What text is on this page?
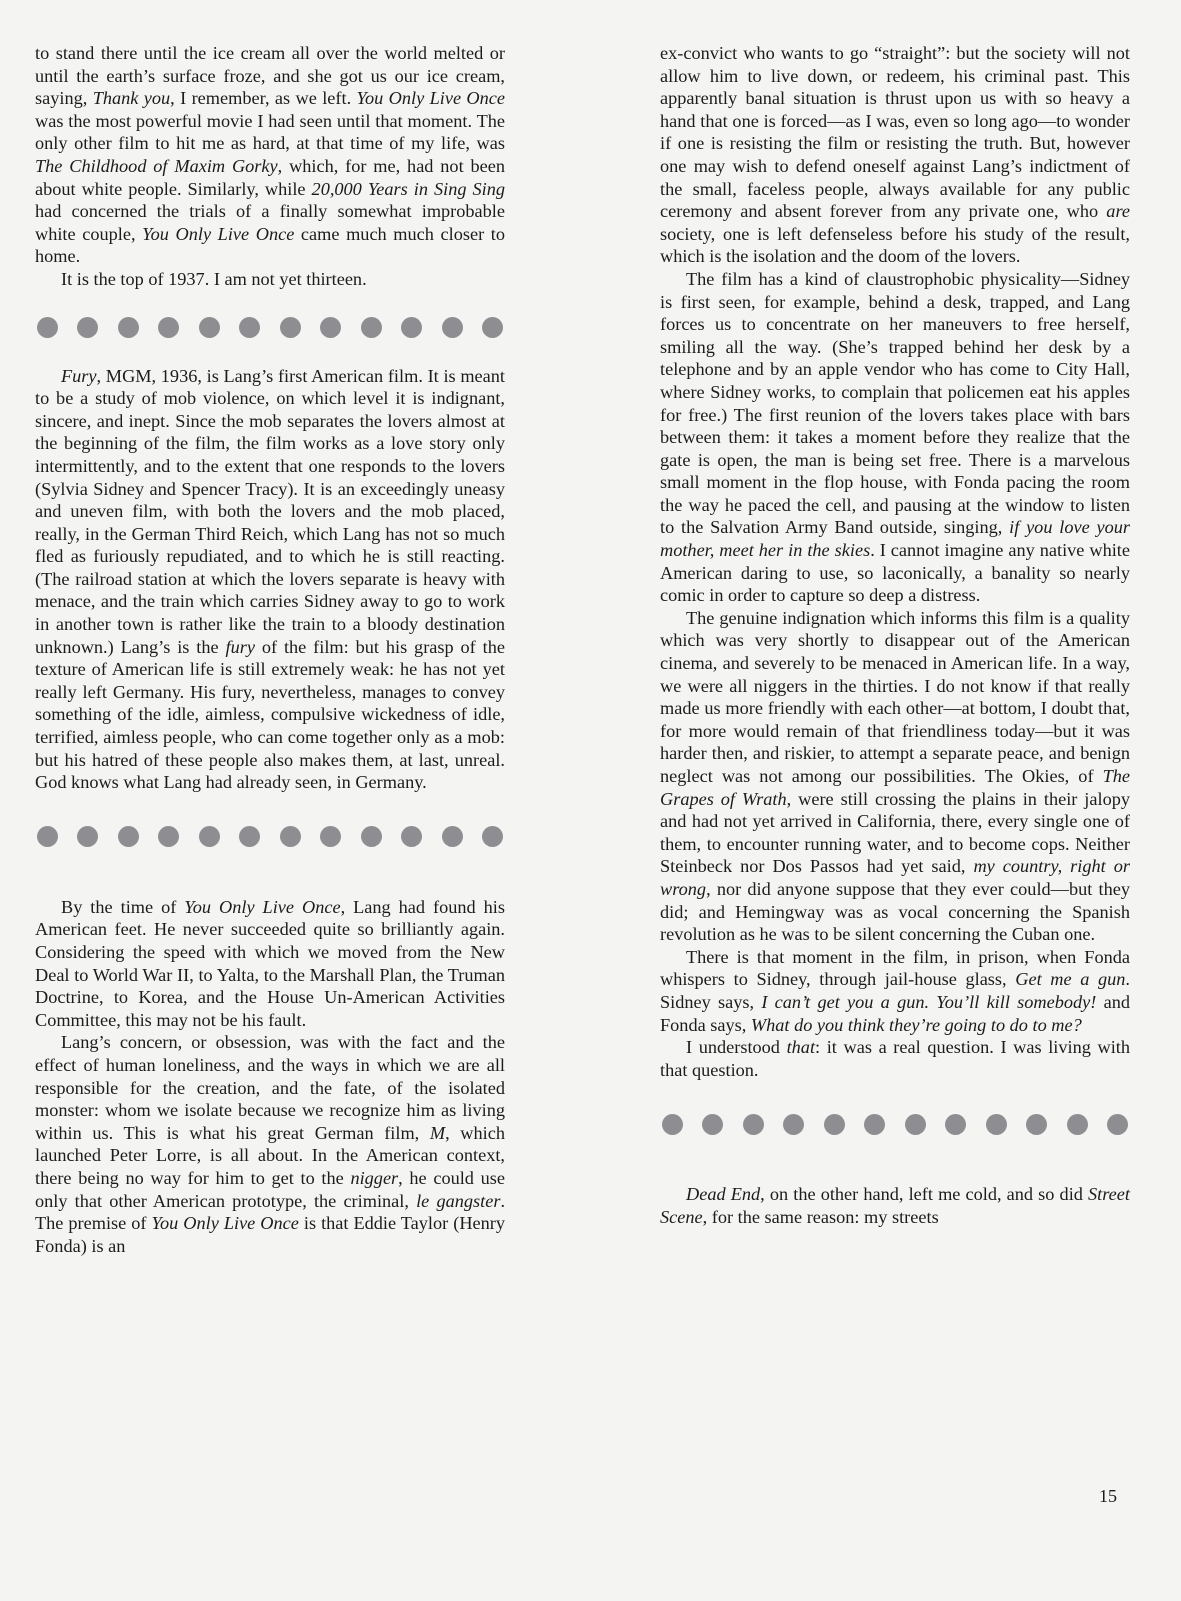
to stand there until the ice cream all over the world melted or until the earth’s surface froze, and she got us our ice cream, saying, Thank you, I remember, as we left. You Only Live Once was the most powerful movie I had seen until that moment. The only other film to hit me as hard, at that time of my life, was The Childhood of Maxim Gorky, which, for me, had not been about white people. Similarly, while 20,000 Years in Sing Sing had concerned the trials of a finally somewhat improbable white couple, You Only Live Once came much much closer to home.

It is the top of 1937. I am not yet thirteen.

Fury, MGM, 1936, is Lang’s first American film. It is meant to be a study of mob violence, on which level it is indignant, sincere, and inept. Since the mob separates the lovers almost at the beginning of the film, the film works as a love story only intermittently, and to the extent that one responds to the lovers (Sylvia Sidney and Spencer Tracy). It is an exceedingly uneasy and uneven film, with both the lovers and the mob placed, really, in the German Third Reich, which Lang has not so much fled as furiously repudiated, and to which he is still reacting. (The railroad station at which the lovers separate is heavy with menace, and the train which carries Sidney away to go to work in another town is rather like the train to a bloody destination unknown.) Lang’s is the fury of the film: but his grasp of the texture of American life is still extremely weak: he has not yet really left Germany. His fury, nevertheless, manages to convey something of the idle, aimless, compulsive wickedness of idle, terrified, aimless people, who can come together only as a mob: but his hatred of these people also makes them, at last, unreal. God knows what Lang had already seen, in Germany.

By the time of You Only Live Once, Lang had found his American feet. He never succeeded quite so brilliantly again. Considering the speed with which we moved from the New Deal to World War II, to Yalta, to the Marshall Plan, the Truman Doctrine, to Korea, and the House Un-American Activities Committee, this may not be his fault.

Lang’s concern, or obsession, was with the fact and the effect of human loneliness, and the ways in which we are all responsible for the creation, and the fate, of the isolated monster: whom we isolate because we recognize him as living within us. This is what his great German film, M, which launched Peter Lorre, is all about. In the American context, there being no way for him to get to the nigger, he could use only that other American prototype, the criminal, le gangster. The premise of You Only Live Once is that Eddie Taylor (Henry Fonda) is an

ex-convict who wants to go “straight”: but the society will not allow him to live down, or redeem, his criminal past. This apparently banal situation is thrust upon us with so heavy a hand that one is forced—as I was, even so long ago—to wonder if one is resisting the film or resisting the truth. But, however one may wish to defend oneself against Lang’s indictment of the small, faceless people, always available for any public ceremony and absent forever from any private one, who are society, one is left defenseless before his study of the result, which is the isolation and the doom of the lovers.

The film has a kind of claustrophobic physicality—Sidney is first seen, for example, behind a desk, trapped, and Lang forces us to concentrate on her maneuvers to free herself, smiling all the way. (She’s trapped behind her desk by a telephone and by an apple vendor who has come to City Hall, where Sidney works, to complain that policemen eat his apples for free.) The first reunion of the lovers takes place with bars between them: it takes a moment before they realize that the gate is open, the man is being set free. There is a marvelous small moment in the flop house, with Fonda pacing the room the way he paced the cell, and pausing at the window to listen to the Salvation Army Band outside, singing, if you love your mother, meet her in the skies. I cannot imagine any native white American daring to use, so laconically, a banality so nearly comic in order to capture so deep a distress.

The genuine indignation which informs this film is a quality which was very shortly to disappear out of the American cinema, and severely to be menaced in American life. In a way, we were all niggers in the thirties. I do not know if that really made us more friendly with each other—at bottom, I doubt that, for more would remain of that friendliness today—but it was harder then, and riskier, to attempt a separate peace, and benign neglect was not among our possibilities. The Okies, of The Grapes of Wrath, were still crossing the plains in their jalopy and had not yet arrived in California, there, every single one of them, to encounter running water, and to become cops. Neither Steinbeck nor Dos Passos had yet said, my country, right or wrong, nor did anyone suppose that they ever could—but they did; and Hemingway was as vocal concerning the Spanish revolution as he was to be silent concerning the Cuban one.

There is that moment in the film, in prison, when Fonda whispers to Sidney, through jail-house glass, Get me a gun. Sidney says, I can’t get you a gun. You’ll kill somebody! and Fonda says, What do you think they’re going to do to me?

I understood that: it was a real question. I was living with that question.

Dead End, on the other hand, left me cold, and so did Street Scene, for the same reason: my streets

15
